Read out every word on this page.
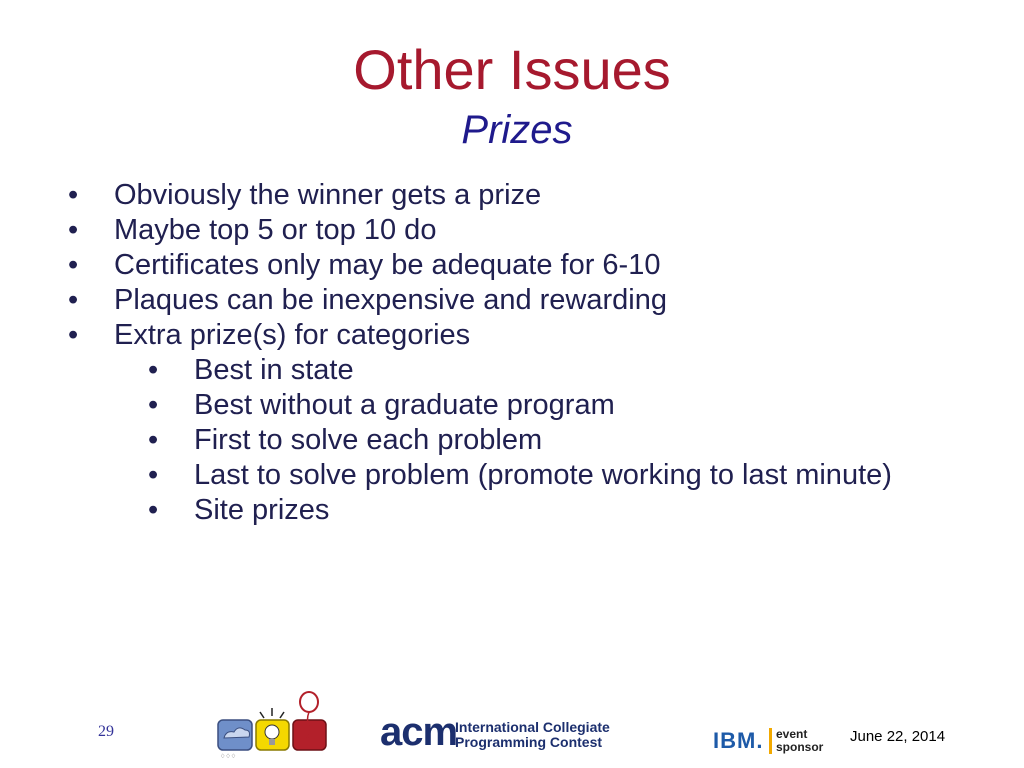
Other Issues
Prizes
• Obviously the winner gets a prize
• Maybe top 5 or top 10 do
• Certificates only may be adequate for 6-10
• Plaques can be inexpensive and rewarding
• Extra prize(s) for categories
• Best in state
• Best without a graduate program
• First to solve each problem
• Last to solve problem (promote working to last minute)
• Site prizes
29
♢♢♢
acm
International Collegiate
Programming Contest	IBM. event
sponsor
June 22, 2014
